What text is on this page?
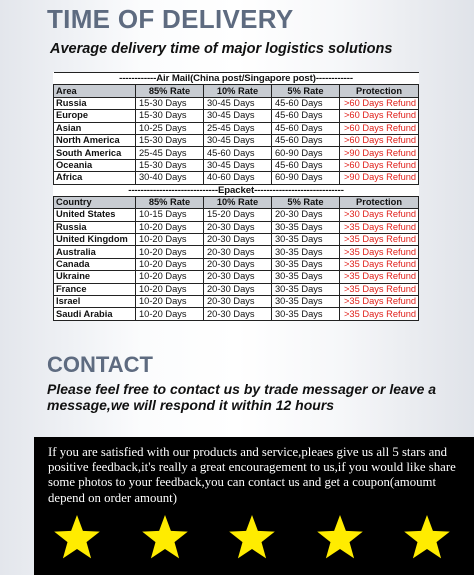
TIME OF DELIVERY
Average delivery time of major logistics solutions
------------Air Mail(China post/Singapore post)------------				
Area	85% Rate	10% Rate	5% Rate	Protection
Russia	15-30 Days	30-45 Days	45-60 Days	>60 Days Refund
Europe	15-30 Days	30-45 Days	45-60 Days	>60 Days Refund
Asian	10-25 Days	25-45 Days	45-60 Days	>60 Days Refund
North America	15-30 Days	30-45 Days	45-60 Days	>60 Days Refund
South America	25-45 Days	45-60 Days	60-90 Days	>90 Days Refund
Oceania	15-30 Days	30-45 Days	45-60 Days	>60 Days Refund
Africa	30-40 Days	40-60 Days	60-90 Days	>90 Days Refund
-----------------------------Epacket-----------------------------				
Country	85% Rate	10% Rate	5% Rate	Protection
United States	10-15 Days	15-20 Days	20-30 Days	>30 Days Refund
Russia	10-20 Days	20-30 Days	30-35 Days	>35 Days Refund
United Kingdom	10-20 Days	20-30 Days	30-35 Days	>35 Days Refund
Australia	10-20 Days	20-30 Days	30-35 Days	>35 Days Refund
Canada	10-20 Days	20-30 Days	30-35 Days	>35 Days Refund
Ukraine	10-20 Days	20-30 Days	30-35 Days	>35 Days Refund
France	10-20 Days	20-30 Days	30-35 Days	>35 Days Refund
Israel	10-20 Days	20-30 Days	30-35 Days	>35 Days Refund
Saudi Arabia	10-20 Days	20-30 Days	30-35 Days	>35 Days Refund
CONTACT

Please feel free to contact us by trade messager or leave a message,we will respond it within 12 hours

If you are satisfied with our products and service,pleaes give us all 5 stars and positive feedback,it's really a great encouragement to us,if you would like share some photos to your feedback,you can contact us and get a coupon(amoumt depend on order amount)
